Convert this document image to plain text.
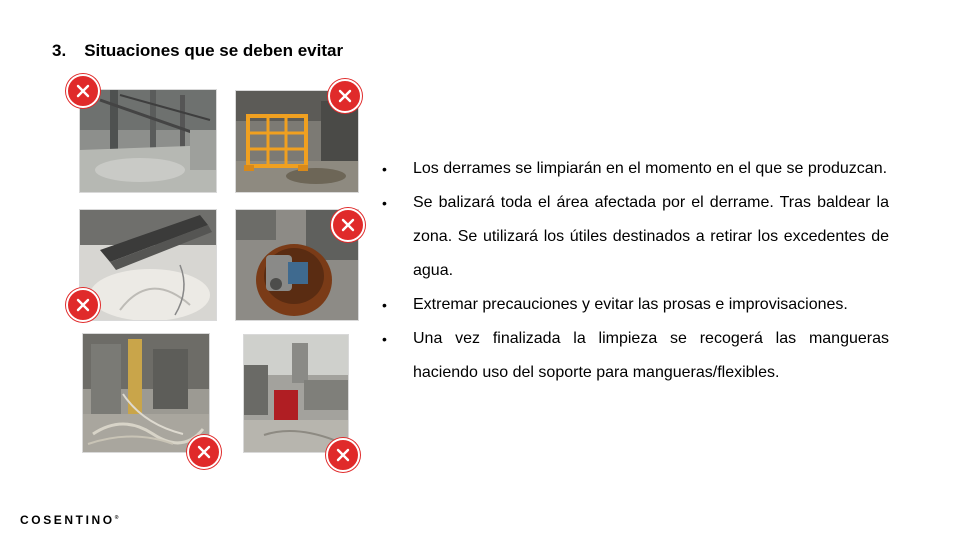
3. Situaciones que se deben evitar
• Los derrames se limpiarán en el momento en el que se produzcan.
• Se balizará toda el área afectada por el derrame. Tras baldear la zona. Se utilizará los útiles destinados a retirar los excedentes de agua.
• Extremar precauciones y evitar las prosas e improvisaciones.
• Una vez finalizada la limpieza se recogerá las mangueras haciendo uso del soporte para mangueras/flexibles.
COSENTINO®
